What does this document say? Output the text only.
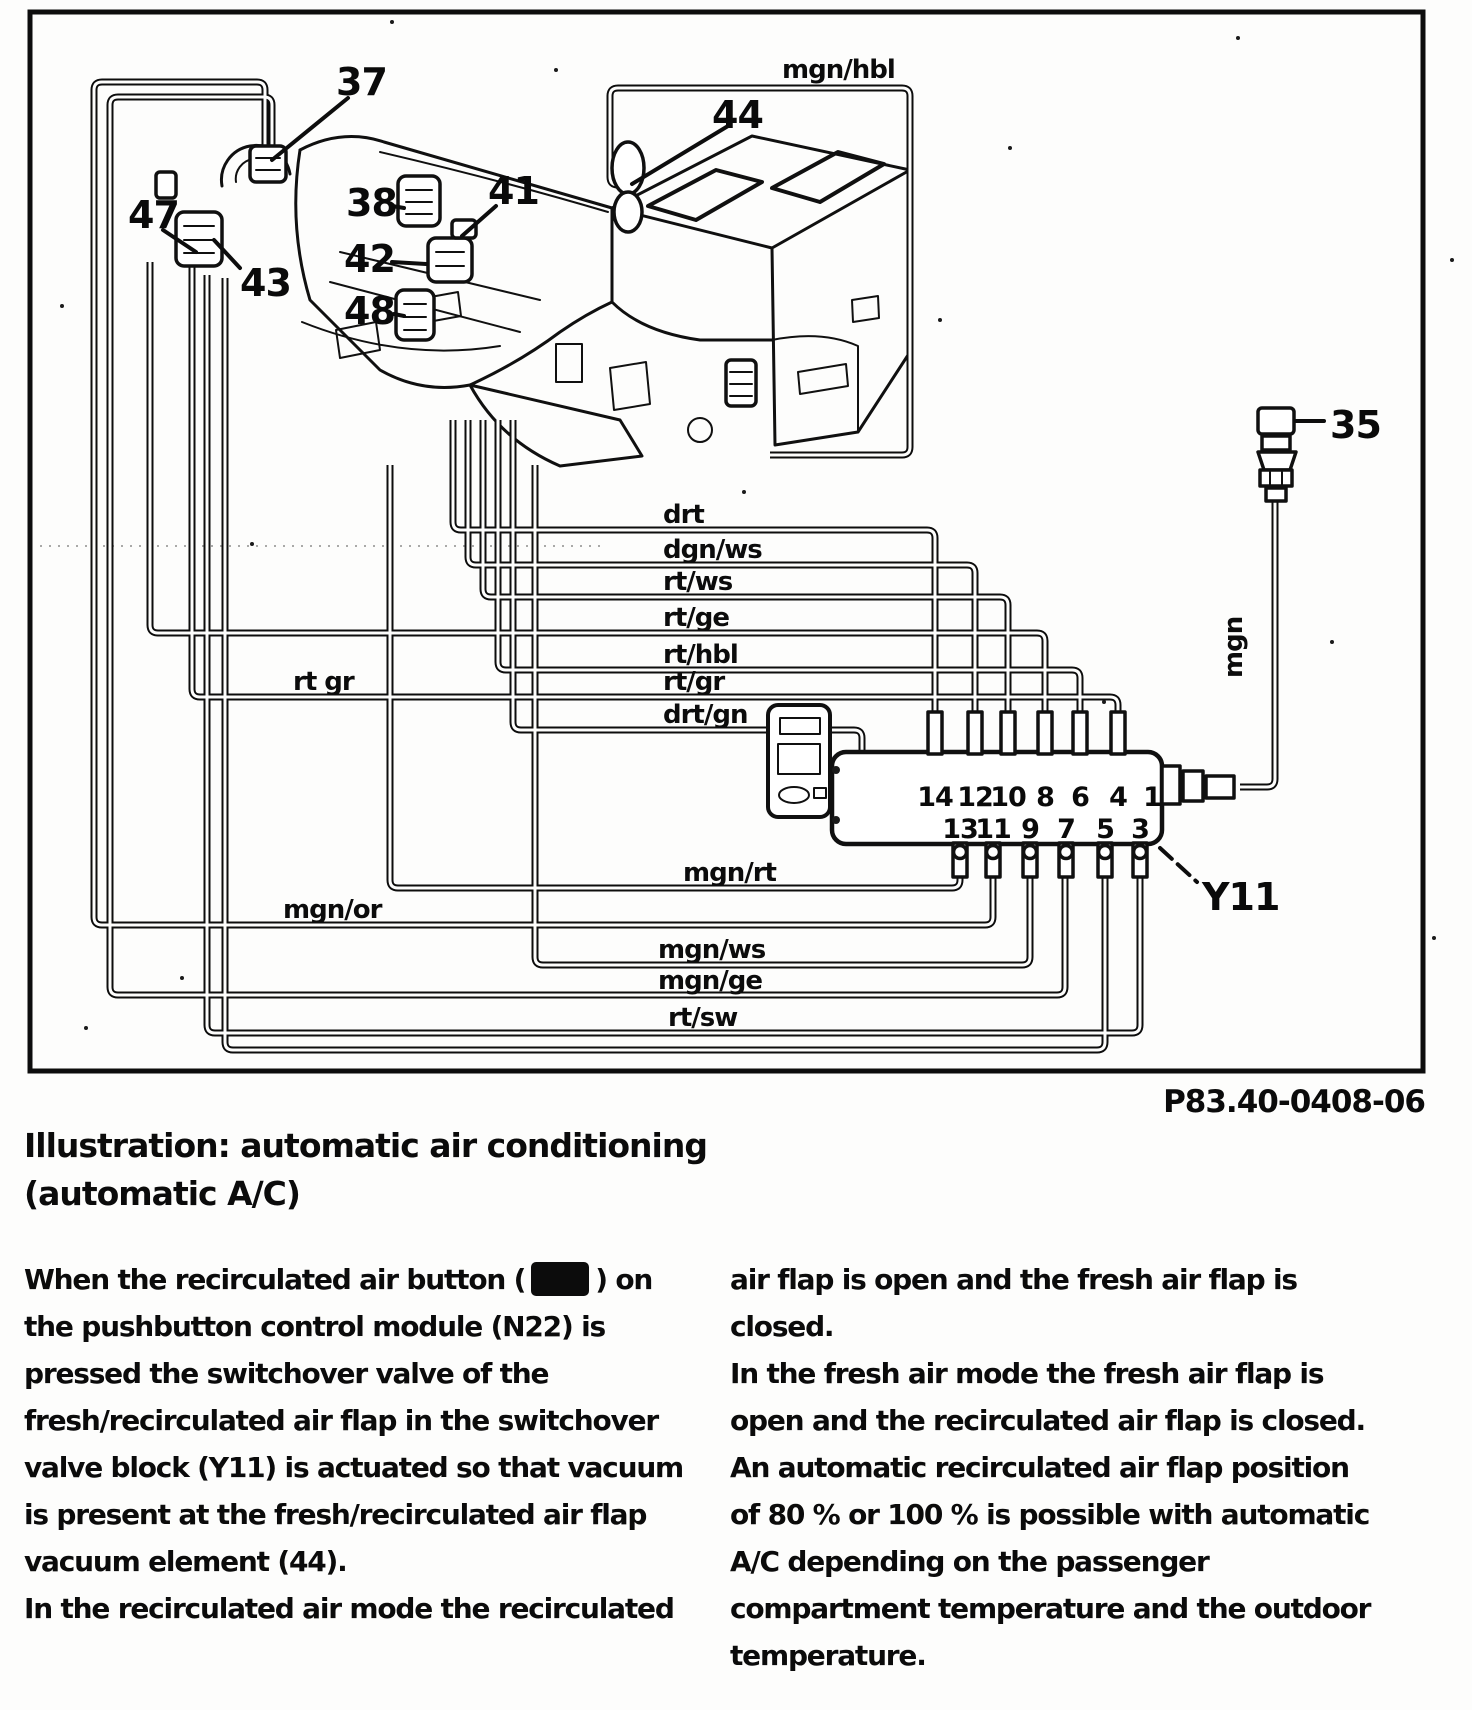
14 12
10 8 6 4 1
13
11 9 7 5 3
37
44
47
43
38 41
42
48
35
Y11
mgn/hbl
drt
dgn/ws
rt/ws
rt/ge
rt/hbl
rt/gr
drt/gn
rt gr
mgn/rt
mgn/or
mgn/ws
mgn/ge
rt/sw
mgn
P83.40-0408-06
Illustration: automatic air conditioning
(automatic A/C)
When the recirculated air button (	) on
the pushbutton control module (N22) is
pressed the switchover valve of the
fresh/recirculated air flap in the switchover
valve block (Y11) is actuated so that vacuum
is present at the fresh/recirculated air flap
vacuum element (44).
In the recirculated air mode the recirculated
air flap is open and the fresh air flap is
closed.
In the fresh air mode the fresh air flap is
open and the recirculated air flap is closed.
An automatic recirculated air flap position
of 80 % or 100 % is possible with automatic
A/C depending on the passenger
compartment temperature and the outdoor
temperature.
